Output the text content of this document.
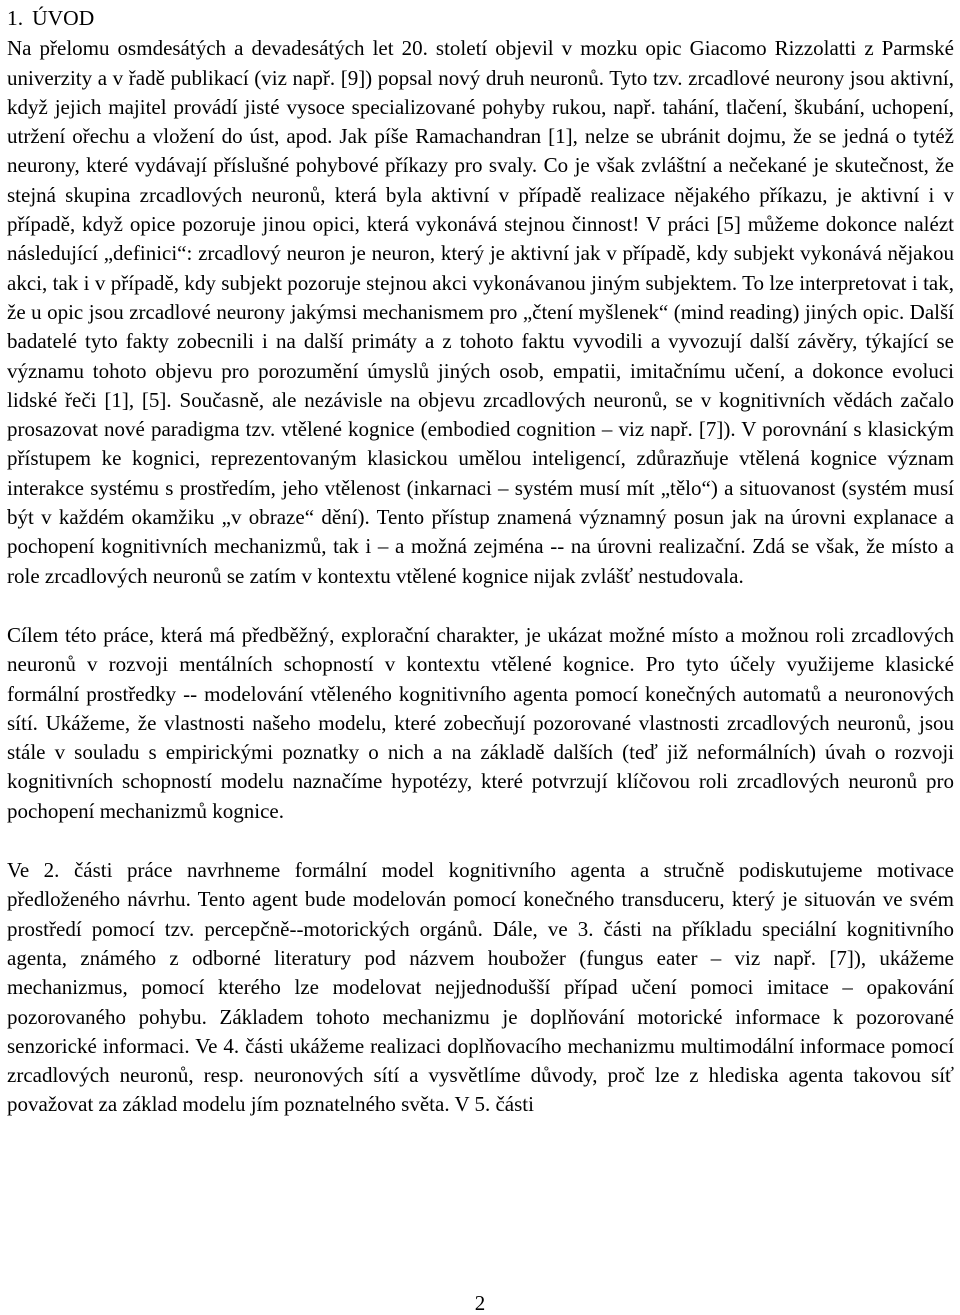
1. ÚVOD

Na přelomu osmdesátých a devadesátých let 20. století objevil v mozku opic Giacomo Rizzolatti z Parmské univerzity a v řadě publikací (viz např. [9]) popsal nový druh neuronů. Tyto tzv. zrcadlové neurony jsou aktivní, když jejich majitel provádí jisté vysoce specializované pohyby rukou, např. tahání, tlačení, škubání, uchopení, utržení ořechu a vložení do úst, apod. Jak píše Ramachandran [1], nelze se ubránit dojmu, že se jedná o tytéž neurony, které vydávají příslušné pohybové příkazy pro svaly. Co je však zvláštní a nečekané je skutečnost, že stejná skupina zrcadlových neuronů, která byla aktivní v případě realizace nějakého příkazu, je aktivní i v případě, když opice pozoruje jinou opici, která vykonává stejnou činnost! V práci [5] můžeme dokonce nalézt následující „definici“: zrcadlový neuron je neuron, který je aktivní jak v případě, kdy subjekt vykonává nějakou akci, tak i v případě, kdy subjekt pozoruje stejnou akci vykonávanou jiným subjektem. To lze interpretovat i tak, že u opic jsou zrcadlové neurony jakýmsi mechanismem pro „čtení myšlenek“ (mind reading) jiných opic. Další badatelé tyto fakty zobecnili i na další primáty a z tohoto faktu vyvodili a vyvozují další závěry, týkající se významu tohoto objevu pro porozumění úmyslů jiných osob, empatii, imitačnímu učení, a dokonce evoluci lidské řeči [1], [5]. Současně, ale nezávisle na objevu zrcadlových neuronů, se v kognitivních vědách začalo prosazovat nové paradigma tzv. vtělené kognice (embodied cognition – viz např. [7]). V porovnání s klasickým přístupem ke kognici, reprezentovaným klasickou umělou inteligencí, zdůrazňuje vtělená kognice význam interakce systému s prostředím, jeho vtělenost (inkarnaci – systém musí mít „tělo“) a situovanost (systém musí být v každém okamžiku „v obraze“ dění). Tento přístup znamená významný posun jak na úrovni explanace a pochopení kognitivních mechanizmů, tak i – a možná zejména -- na úrovni realizační. Zdá se však, že místo a role zrcadlových neuronů se zatím v kontextu vtělené kognice nijak zvlášť nestudovala.

Cílem této práce, která má předběžný, explorační charakter, je ukázat možné místo a možnou roli zrcadlových neuronů v rozvoji mentálních schopností v kontextu vtělené kognice. Pro tyto účely využijeme klasické formální prostředky -- modelování vtěleného kognitivního agenta pomocí konečných automatů a neuronových sítí. Ukážeme, že vlastnosti našeho modelu, které zobecňují pozorované vlastnosti zrcadlových neuronů, jsou stále v souladu s empirickými poznatky o nich a na základě dalších (teď již neformálních) úvah o rozvoji kognitivních schopností modelu naznačíme hypotézy, které potvrzují klíčovou roli zrcadlových neuronů pro pochopení mechanizmů kognice.

Ve 2. části práce navrhneme formální model kognitivního agenta a stručně podiskutujeme motivace předloženého návrhu. Tento agent bude modelován pomocí konečného transduceru, který je situován ve svém prostředí pomocí tzv. percepčně--motorických orgánů. Dále, ve 3. části na příkladu speciální kognitivního agenta, známého z odborné literatury pod názvem houbožer (fungus eater – viz např. [7]), ukážeme mechanizmus, pomocí kterého lze modelovat nejjednodušší případ učení pomoci imitace – opakování pozorovaného pohybu. Základem tohoto mechanizmu je doplňování motorické informace k pozorované senzorické informaci. Ve 4. části ukážeme realizaci doplňovacího mechanizmu multimodální informace pomocí zrcadlových neuronů, resp. neuronových sítí a vysvětlíme důvody, proč lze z hlediska agenta takovou síť považovat za základ modelu jím poznatelného světa. V 5. části

2
